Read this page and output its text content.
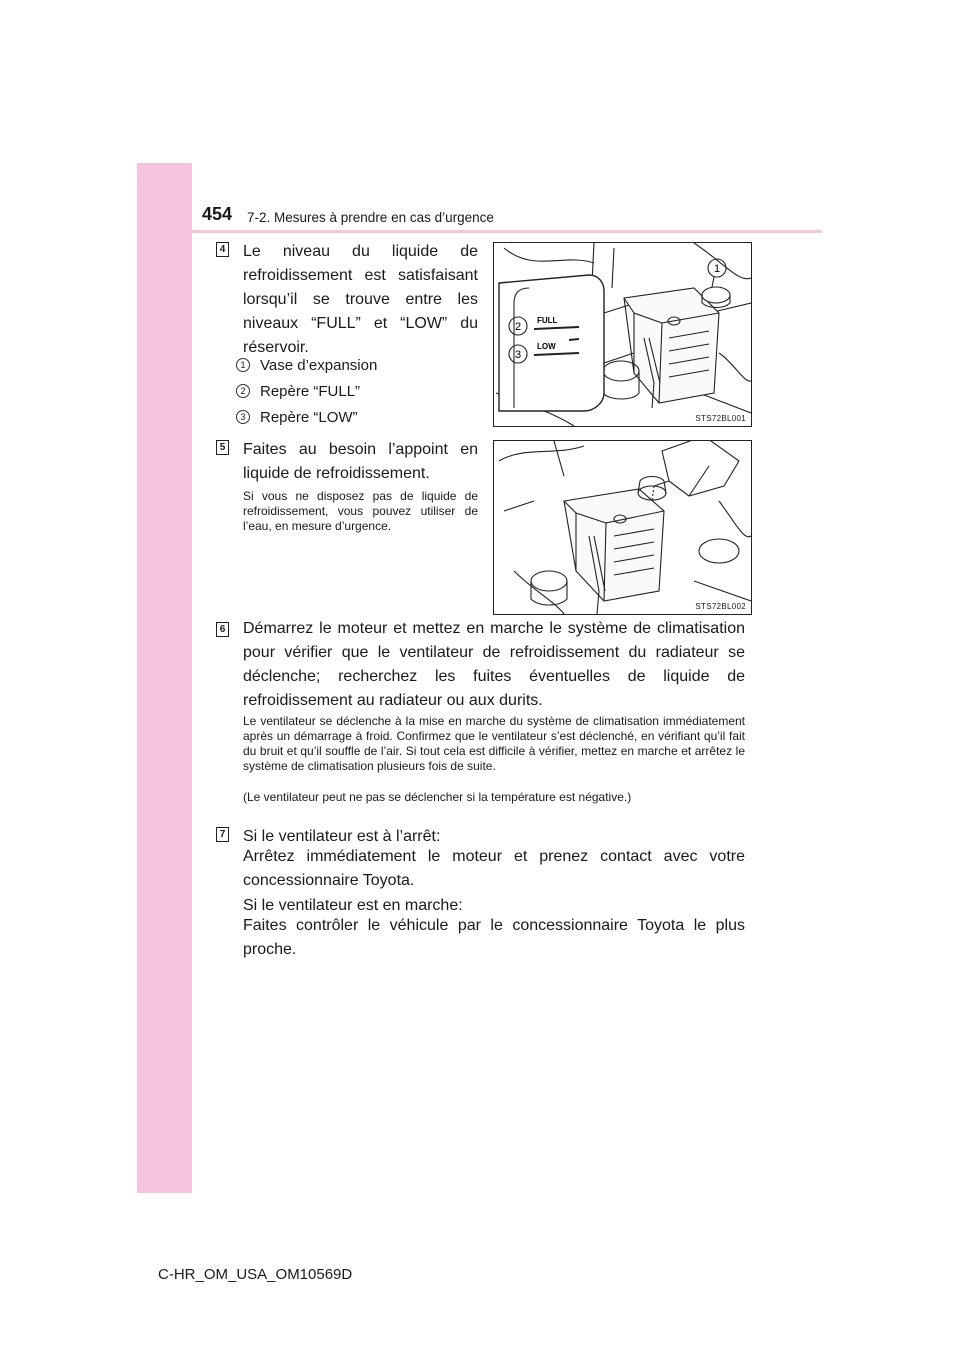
454 7-2. Mesures à prendre en cas d’urgence
4 Le niveau du liquide de refroidissement est satisfaisant lorsqu’il se trouve entre les niveaux “FULL” et “LOW” du réservoir.
1 Vase d’expansion
2 Repère “FULL”
3 Repère “LOW”
FULL
LOW
1
2
3
STS72BL001
5 Faites au besoin l’appoint en liquide de refroidissement.
Si vous ne disposez pas de liquide de refroidissement, vous pouvez utiliser de l’eau, en mesure d’urgence.
STS72BL002
6 Démarrez le moteur et mettez en marche le système de climatisation pour vérifier que le ventilateur de refroidissement du radiateur se déclenche; recherchez les fuites éventuelles de liquide de refroidissement au radiateur ou aux durits.
Le ventilateur se déclenche à la mise en marche du système de climatisation immédiatement après un démarrage à froid. Confirmez que le ventilateur s’est déclenché, en vérifiant qu’il fait du bruit et qu’il souffle de l’air. Si tout cela est difficile à vérifier, mettez en marche et arrêtez le système de climatisation plusieurs fois de suite.
(Le ventilateur peut ne pas se déclencher si la température est négative.)
7 Si le ventilateur est à l’arrêt:
Arrêtez immédiatement le moteur et prenez contact avec votre concessionnaire Toyota.
Si le ventilateur est en marche:
Faites contrôler le véhicule par le concessionnaire Toyota le plus proche.
C-HR_OM_USA_OM10569D
